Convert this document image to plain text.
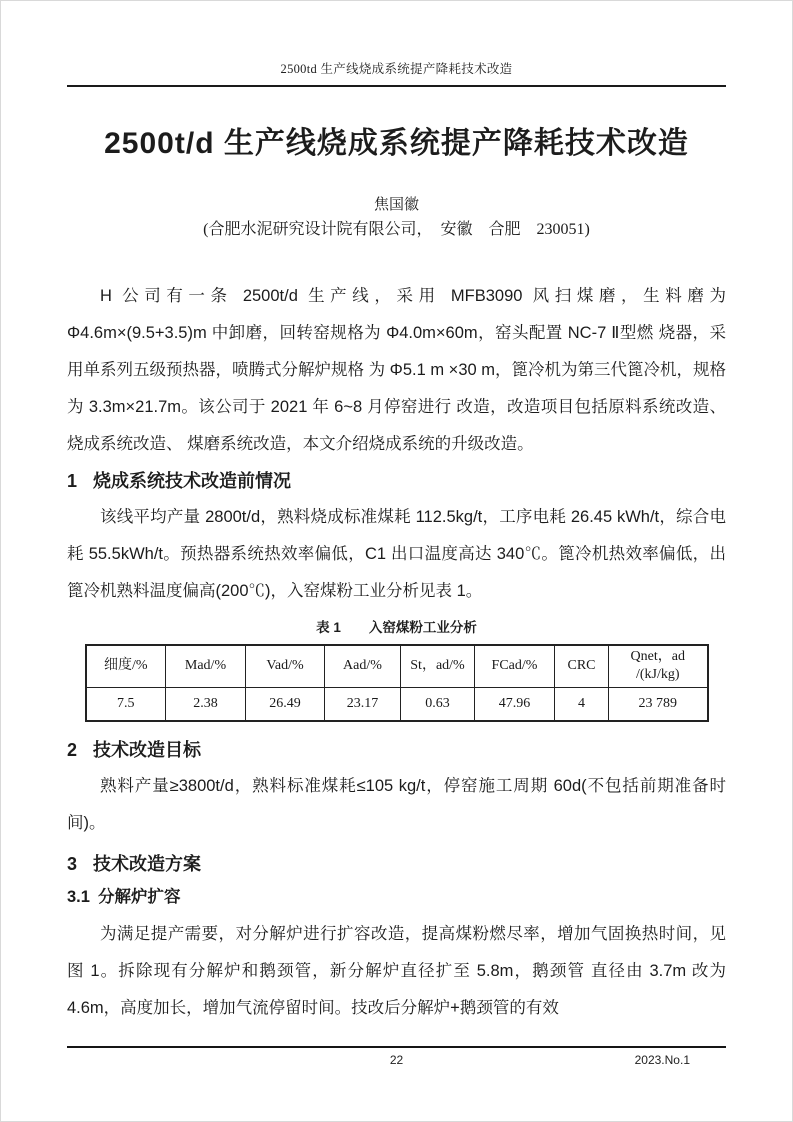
2500td 生产线烧成系统提产降耗技术改造
2500t/d 生产线烧成系统提产降耗技术改造
焦国徽
(合肥水泥研究设计院有限公司，　安徽　合肥　230051)

H 公司有一条 2500t/d 生产线，采用 MFB3090 风扫煤磨，生料磨为 Φ4.6m×(9.5+3.5)m 中卸磨，回转窑规格为 Φ4.0m×60m，窑头配置 NC-7 Ⅱ型燃 烧器，采用单系列五级预热器，喷腾式分解炉规格 为 Φ5.1 m ×30 m，篦冷机为第三代篦冷机，规格为 3.3m×21.7m。该公司于 2021 年 6~8 月停窑进行 改造，改造项目包括原料系统改造、烧成系统改造、 煤磨系统改造，本文介绍烧成系统的升级改造。

1 烧成系统技术改造前情况

该线平均产量 2800t/d，熟料烧成标准煤耗 112.5kg/t，工序电耗 26.45 kWh/t，综合电耗 55.5kWh/t。预热器系统热效率偏低，C1 出口温度高达 340℃。篦冷机热效率偏低，出篦冷机熟料温度偏高(200℃)，入窑煤粉工业分析见表 1。

表 1 入窑煤粉工业分析
细度/%	Mad/%	Vad/%	Aad/%	St，ad/%	FCad/%	CRC	Qnet，ad /(kJ/kg)
7.5	2.38	26.49	23.17	0.63	47.96	4	23 789
2 技术改造目标

熟料产量≥3800t/d，熟料标准煤耗≤105 kg/t，停窑施工周期 60d(不包括前期准备时间)。

3 技术改造方案
3.1 分解炉扩容

为满足提产需要，对分解炉进行扩容改造，提高煤粉燃尽率，增加气固换热时间，见图 1。拆除现有分解炉和鹅颈管，新分解炉直径扩至 5.8m，鹅颈管 直径由 3.7m 改为 4.6m，高度加长，增加气流停留时间。技改后分解炉+鹅颈管的有效

22	2023.No.1
